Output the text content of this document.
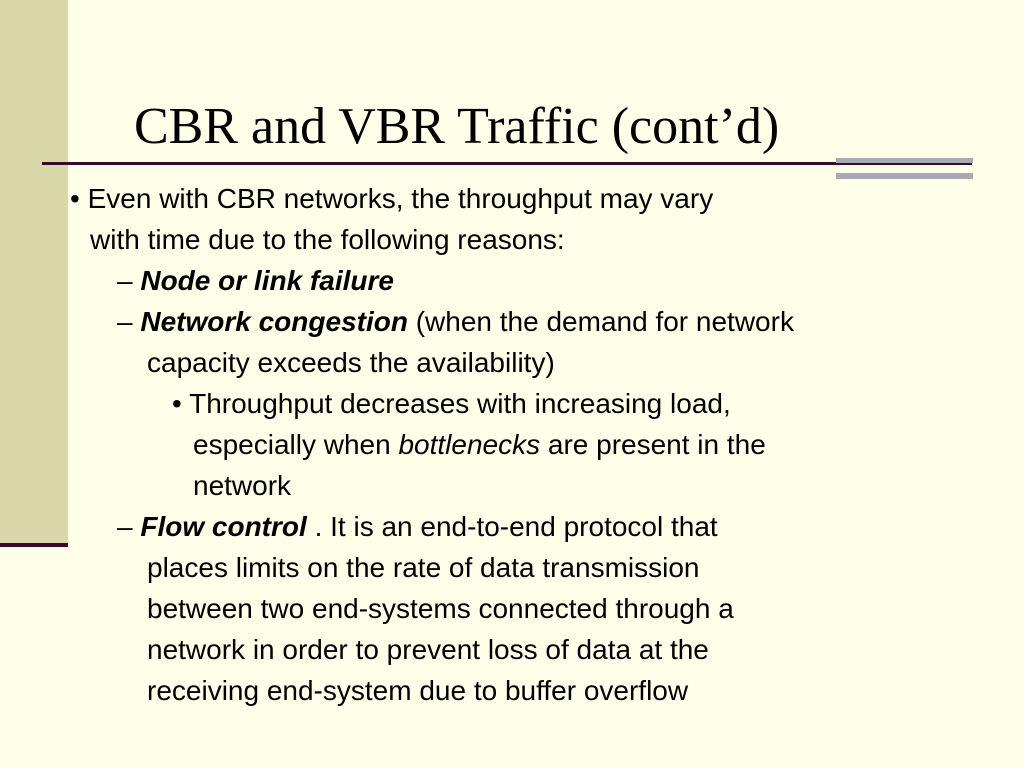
CBR and VBR Traffic (cont’d)
• Even with CBR networks, the throughput may vary
with time due to the following reasons:
– Node or link failure
– Network congestion (when the demand for network
capacity exceeds the availability)
• Throughput decreases with increasing load,
especially when bottlenecks are present in the
network
– Flow control . It is an end-to-end protocol that
places limits on the rate of data transmission
between two end-systems connected through a
network in order to prevent loss of data at the
receiving end-system due to buffer overflow
